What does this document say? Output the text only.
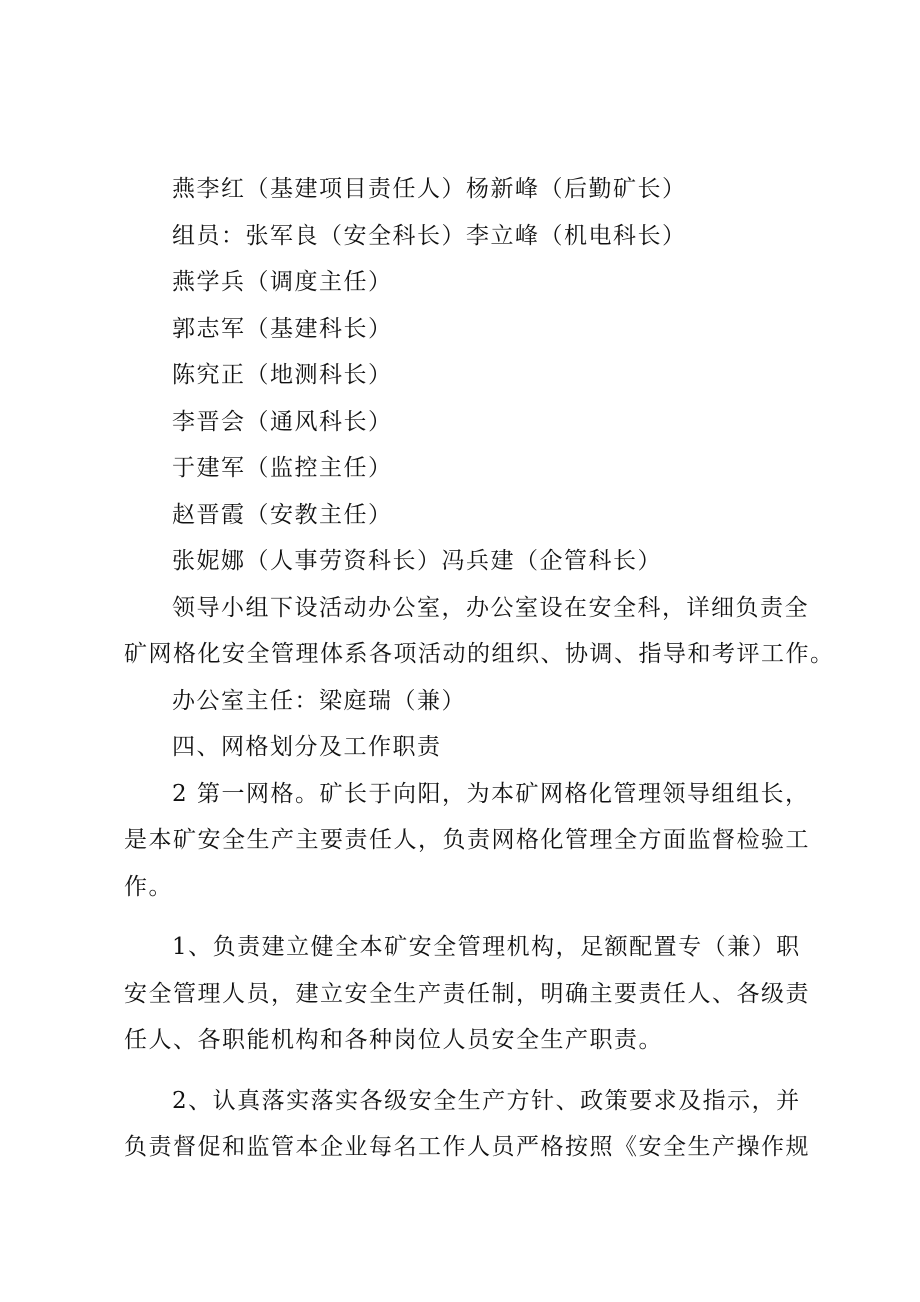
燕李红（基建项目责任人）杨新峰（后勤矿长）
组员：张军良（安全科长）李立峰（机电科长）
燕学兵（调度主任）
郭志军（基建科长）
陈究正（地测科长）
李晋会（通风科长）
于建军（监控主任）
赵晋霞（安教主任）
张妮娜（人事劳资科长）冯兵建（企管科长）
领导小组下设活动办公室，办公室设在安全科，详细负责全
矿网格化安全管理体系各项活动的组织、协调、指导和考评工作。
办公室主任：梁庭瑞（兼）
四、网格划分及工作职责
2 第一网格。矿长于向阳，为本矿网格化管理领导组组长，
是本矿安全生产主要责任人，负责网格化管理全方面监督检验工
作。
1、负责建立健全本矿安全管理机构，足额配置专（兼）职
安全管理人员，建立安全生产责任制，明确主要责任人、各级责
任人、各职能机构和各种岗位人员安全生产职责。
2、认真落实落实各级安全生产方针、政策要求及指示，并
负责督促和监管本企业每名工作人员严格按照《安全生产操作规
